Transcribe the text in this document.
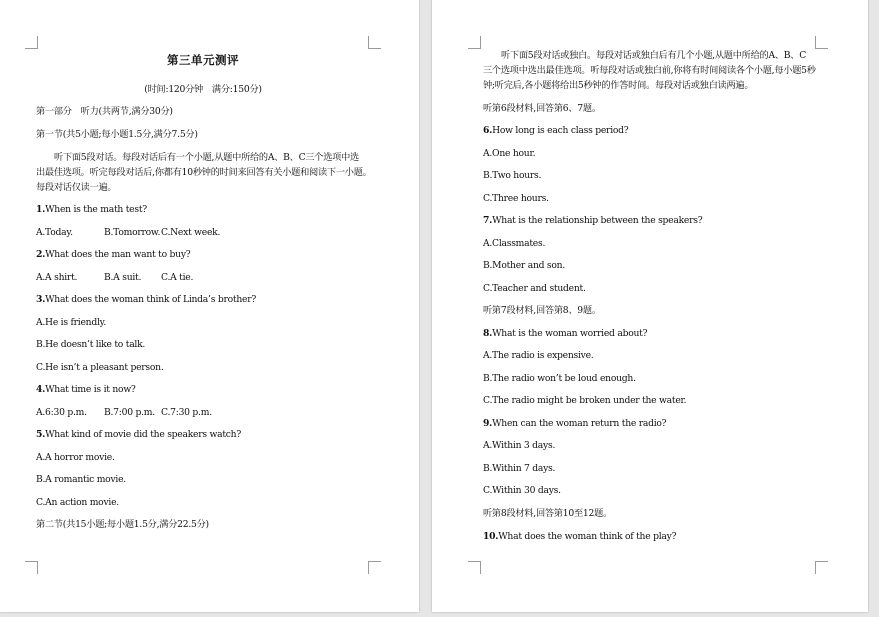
第三单元测评
(时间:120分钟　满分:150分)
第一部分　听力(共两节,满分30分)
第一节(共5小题;每小题1.5分,满分7.5分)
听下面5段对话。每段对话后有一个小题,从题中所给的A、B、C三个选项中选
出最佳选项。听完每段对话后,你都有10秒钟的时间来回答有关小题和阅读下一小题。
每段对话仅读一遍。
1.When is the math test?
A.Today.	B.Tomorrow. C.Next week.
2.What does the man want to buy?
A.A shirt.	B.A suit. C.A tie.
3.What does the woman think of Linda’s brother?
A.He is friendly.
B.He doesn’t like to talk.
C.He isn’t a pleasant person.
4.What time is it now?
A.6:30 p.m. B.7:00 p.m. C.7:30 p.m.
5.What kind of movie did the speakers watch?
A.A horror movie.
B.A romantic movie.
C.An action movie.
第二节(共15小题;每小题1.5分,满分22.5分)
听下面5段对话或独白。每段对话或独白后有几个小题,从题中所给的A、B、C
三个选项中选出最佳选项。听每段对话或独白前,你将有时间阅读各个小题,每小题5秒
钟;听完后,各小题将给出5秒钟的作答时间。每段对话或独白读两遍。
听第6段材料,回答第6、7题。
6.How long is each class period?
A.One hour.
B.Two hours.
C.Three hours.
7.What is the relationship between the speakers?
A.Classmates.
B.Mother and son.
C.Teacher and student.
听第7段材料,回答第8、9题。
8.What is the woman worried about?
A.The radio is expensive.
B.The radio won’t be loud enough.
C.The radio might be broken under the water.
9.When can the woman return the radio?
A.Within 3 days.
B.Within 7 days.
C.Within 30 days.
听第8段材料,回答第10至12题。
10.What does the woman think of the play?
